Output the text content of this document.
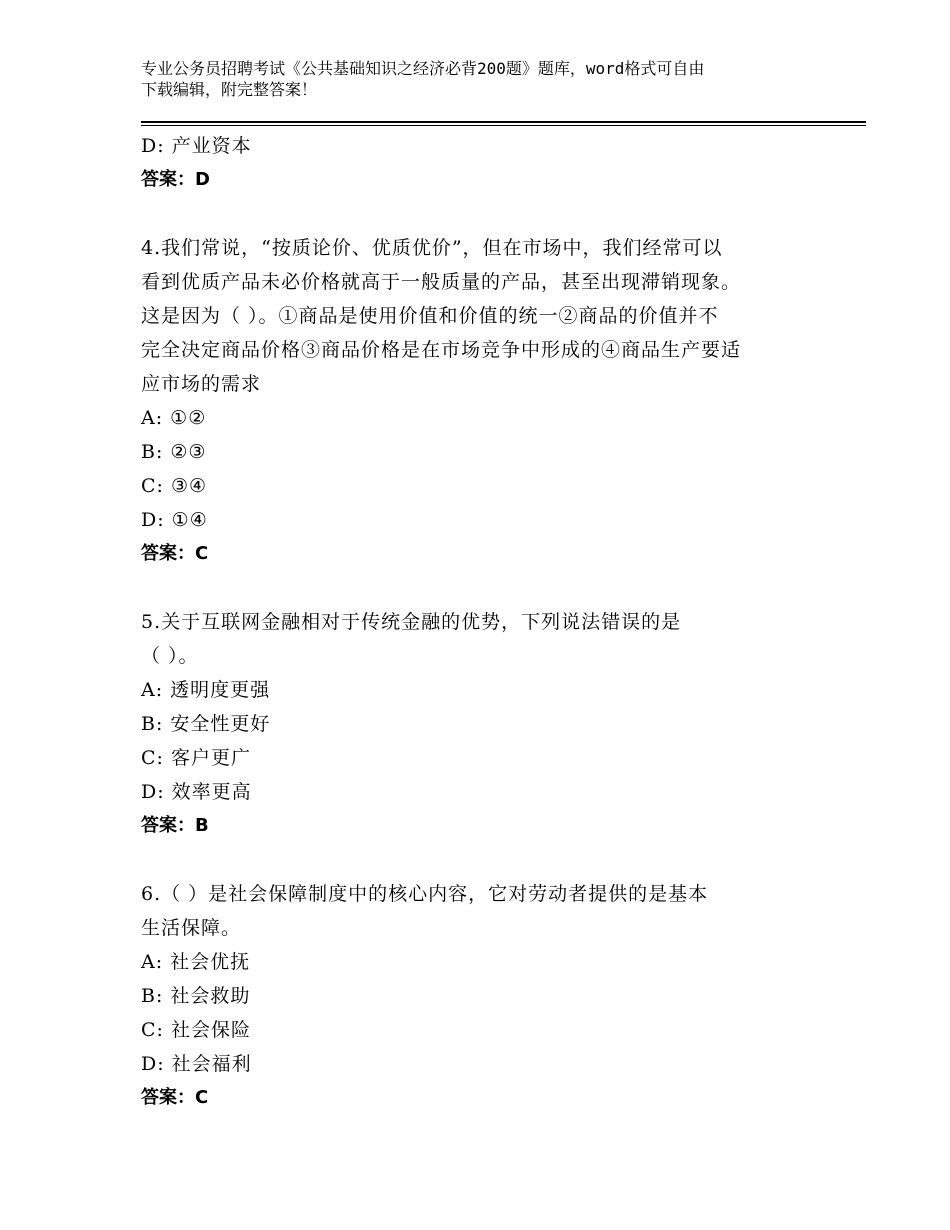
专业公务员招聘考试《公共基础知识之经济必背200题》题库，word格式可自由
下载编辑，附完整答案！
D: 产业资本
答案：D
4.我们常说，“按质论价、优质优价”，但在市场中，我们经常可以
看到优质产品未必价格就高于一般质量的产品，甚至出现滞销现象。
这是因为（ ）。①商品是使用价值和价值的统一②商品的价值并不
完全决定商品价格③商品价格是在市场竞争中形成的④商品生产要适
应市场的需求
A: ①②
B: ②③
C: ③④
D: ①④
答案：C
5.关于互联网金融相对于传统金融的优势，下列说法错误的是
（ ）。
A: 透明度更强
B: 安全性更好
C: 客户更广
D: 效率更高
答案：B
6.（ ）是社会保障制度中的核心内容，它对劳动者提供的是基本
生活保障。
A: 社会优抚
B: 社会救助
C: 社会保险
D: 社会福利
答案：C
